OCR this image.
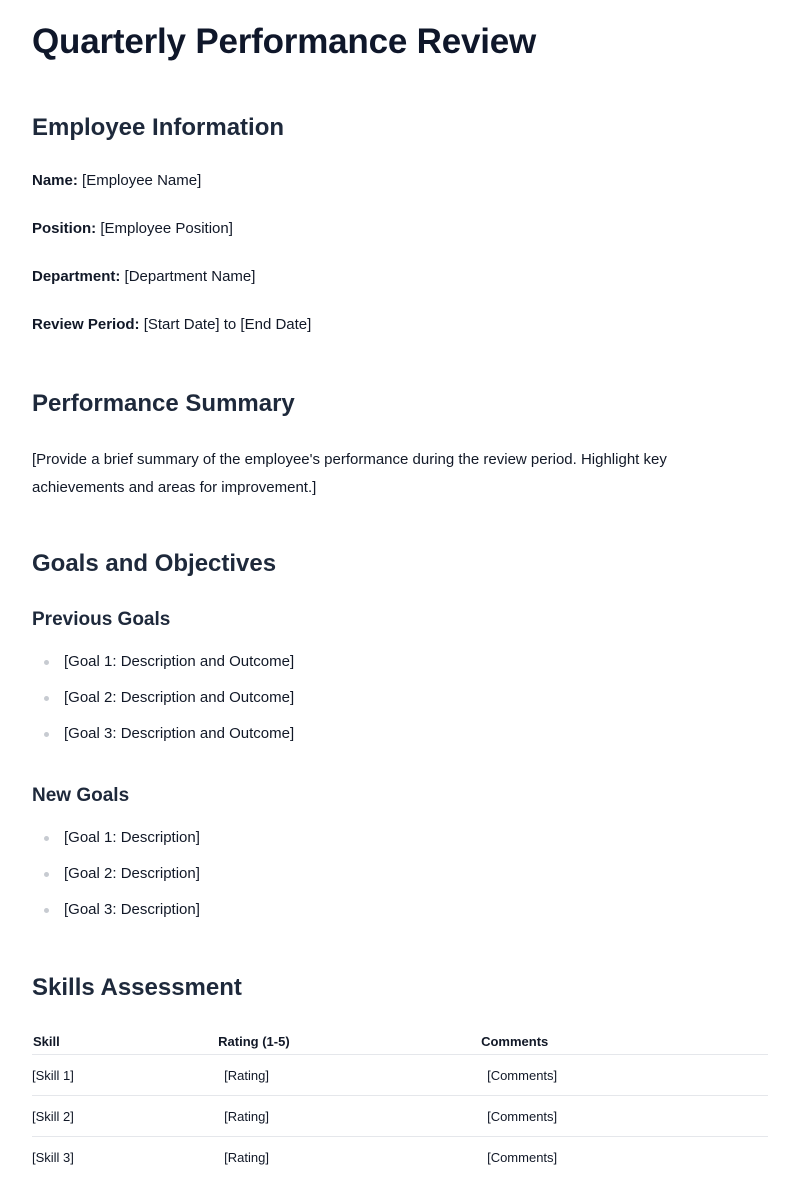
Quarterly Performance Review
Employee Information

Name: [Employee Name]

Position: [Employee Position]

Department: [Department Name]

Review Period: [Start Date] to [End Date]

Performance Summary

[Provide a brief summary of the employee's performance during the review period. Highlight key achievements and areas for improvement.]

Goals and Objectives
Previous Goals
[Goal 1: Description and Outcome]
[Goal 2: Description and Outcome]
[Goal 3: Description and Outcome]
New Goals
[Goal 1: Description]
[Goal 2: Description]
[Goal 3: Description]
Skills Assessment
Skill	Rating (1-5)	Comments
[Skill 1]	[Rating]	[Comments]
[Skill 2]	[Rating]	[Comments]
[Skill 3]	[Rating]	[Comments]
